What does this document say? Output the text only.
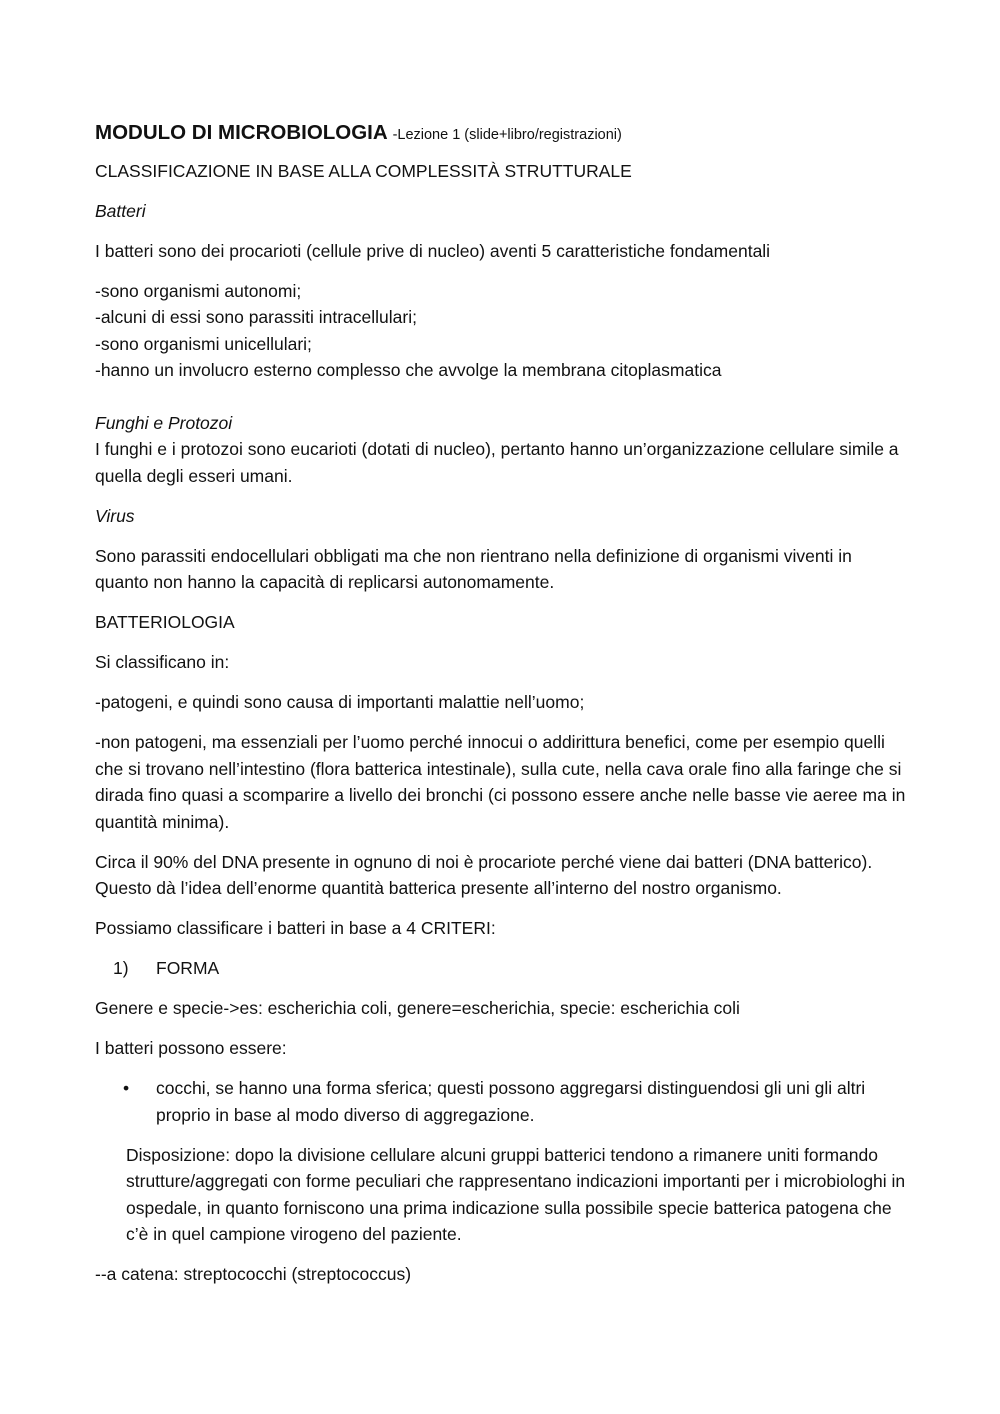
MODULO DI MICROBIOLOGIA -Lezione 1 (slide+libro/registrazioni)

CLASSIFICAZIONE IN BASE ALLA COMPLESSITÀ STRUTTURALE

Batteri

I batteri sono dei procarioti (cellule prive di nucleo) aventi 5 caratteristiche fondamentali

-sono organismi autonomi;
-alcuni di essi sono parassiti intracellulari;
-sono organismi unicellulari;
-hanno un involucro esterno complesso che avvolge la membrana citoplasmatica

Funghi e Protozoi

I funghi e i protozoi sono eucarioti (dotati di nucleo), pertanto hanno un’organizzazione cellulare simile a quella degli esseri umani.

Virus

Sono parassiti endocellulari obbligati ma che non rientrano nella definizione di organismi viventi in quanto non hanno la capacità di replicarsi autonomamente.

BATTERIOLOGIA

Si classificano in:

-patogeni, e quindi sono causa di importanti malattie nell’uomo;

-non patogeni, ma essenziali per l’uomo perché innocui o addirittura benefici, come per esempio quelli che si trovano nell’intestino (flora batterica intestinale), sulla cute, nella cava orale fino alla faringe che si dirada fino quasi a scomparire a livello dei bronchi (ci possono essere anche nelle basse vie aeree ma in quantità minima).

Circa il 90% del DNA presente in ognuno di noi è procariote perché viene dai batteri (DNA batterico). Questo dà l’idea dell’enorme quantità batterica presente all’interno del nostro organismo.

Possiamo classificare i batteri in base a 4 CRITERI:

1)	FORMA

Genere e specie->es: escherichia coli, genere=escherichia, specie: escherichia coli

I batteri possono essere:

•	cocchi, se hanno una forma sferica; questi possono aggregarsi distinguendosi gli uni gli altri proprio in base al modo diverso di aggregazione.

Disposizione: dopo la divisione cellulare alcuni gruppi batterici tendono a rimanere uniti formando strutture/aggregati con forme peculiari che rappresentano indicazioni importanti per i microbiologhi in ospedale, in quanto forniscono una prima indicazione sulla possibile specie batterica patogena che c’è in quel campione virogeno del paziente.

--a catena: streptococchi (streptococcus)
